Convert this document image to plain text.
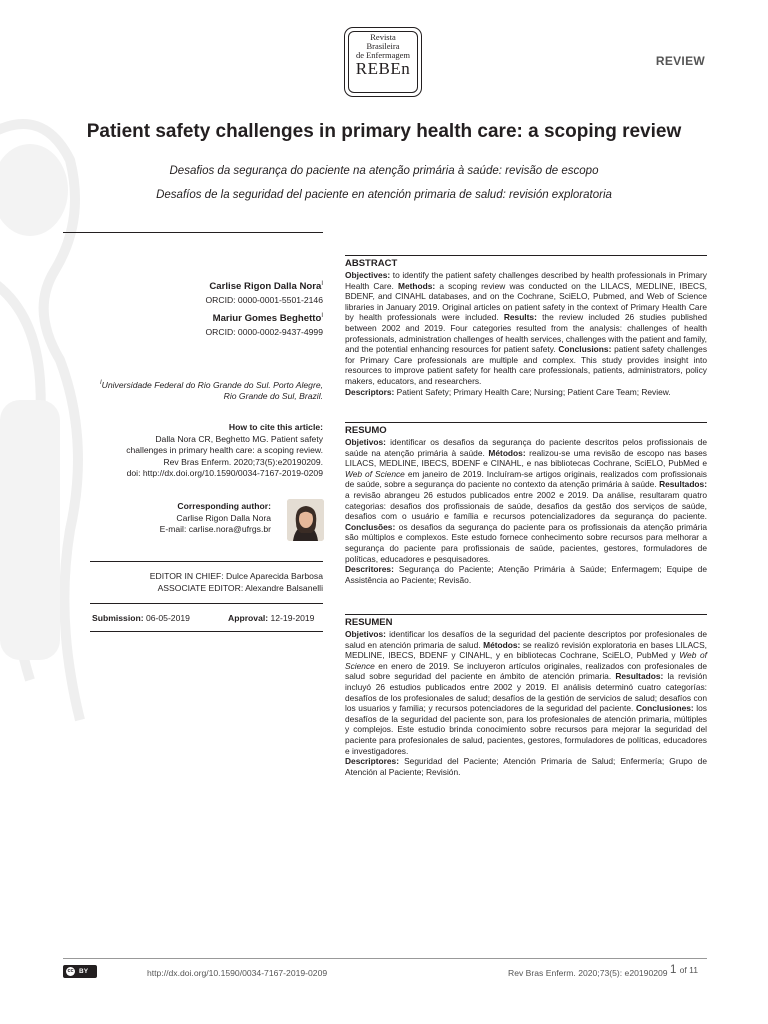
Revista
Brasileira
de Enfermagem
REBEn	REVIEW
Patient safety challenges in primary health care: a scoping review
Desafios da segurança do paciente na atenção primária à saúde: revisão de escopo
Desafíos de la seguridad del paciente en atención primaria de salud: revisión exploratoria
Carlise Rigon Dalla Nora$^I$
ORCID: 0000-0001-5501-2146
Mariur Gomes Beghetto$^I$
ORCID: 0000-0002-9437-4999
$^I$Universidade Federal do Rio Grande do Sul. Porto Alegre,
Rio Grande do Sul, Brazil.
How to cite this article:
Dalla Nora CR, Beghetto MG. Patient safety
challenges in primary health care: a scoping review.
Rev Bras Enferm. 2020;73(5):e20190209.
doi: http://dx.doi.org/10.1590/0034-7167-2019-0209
Corresponding author:
Carlise Rigon Dalla Nora
E-mail: carlise.nora@ufrgs.br
EDITOR IN CHIEF: Dulce Aparecida Barbosa
ASSOCIATE EDITOR: Alexandre Balsanelli
Submission: 06-05-2019	Approval: 12-19-2019
ABSTRACT
Objectives: to identify the patient safety challenges described by health professionals in Primary Health Care. Methods: a scoping review was conducted on the LILACS, MEDLINE, IBECS, BDENF, and CINAHL databases, and on the Cochrane, SciELO, Pubmed, and Web of Science libraries in January 2019. Original articles on patient safety in the context of Primary Health Care by health professionals were included. Results: the review included 26 studies published between 2002 and 2019. Four categories resulted from the analysis: challenges of health professionals, administration challenges of health services, challenges with the patient and family, and the potential enhancing resources for patient safety. Conclusions: patient safety challenges for Primary Care professionals are multiple and complex. This study provides insight into resources to improve patient safety for health care professionals, patients, administrators, policy makers, educators, and researchers.
Descriptors: Patient Safety; Primary Health Care; Nursing; Patient Care Team; Review.
RESUMO
Objetivos: identificar os desafios da segurança do paciente descritos pelos profissionais de saúde na atenção primária à saúde. Métodos: realizou-se uma revisão de escopo nas bases LILACS, MEDLINE, IBECS, BDENF e CINAHL, e nas bibliotecas Cochrane, SciELO, PubMed e Web of Science em janeiro de 2019. Incluíram-se artigos originais, realizados com profissionais de saúde, sobre a segurança do paciente no contexto da atenção primária à saúde. Resultados: a revisão abrangeu 26 estudos publicados entre 2002 e 2019. Da análise, resultaram quatro categorias: desafios dos profissionais de saúde, desafios da gestão dos serviços de saúde, desafios com o usuário e família e recursos potencializadores da segurança do paciente. Conclusões: os desafios da segurança do paciente para os profissionais da atenção primária são múltiplos e complexos. Este estudo fornece conhecimento sobre recursos para melhorar a segurança do paciente para profissionais de saúde, pacientes, gestores, formuladores de políticas, educadores e pesquisadores.
Descritores: Segurança do Paciente; Atenção Primária à Saúde; Enfermagem; Equipe de Assistência ao Paciente; Revisão.
RESUMEN
Objetivos: identificar los desafíos de la seguridad del paciente descriptos por profesionales de salud en atención primaria de salud. Métodos: se realizó revisión exploratoria en bases LILACS, MEDLINE, IBECS, BDENF y CINAHL, y en bibliotecas Cochrane, SciELO, PubMed y Web of Science en enero de 2019. Se incluyeron artículos originales, realizados con profesionales de salud sobre seguridad del paciente en ámbito de atención primaria. Resultados: la revisión incluyó 26 estudios publicados entre 2002 y 2019. El análisis determinó cuatro categorías: desafíos de los profesionales de salud; desafíos de la gestión de servicios de salud; desafíos con los usuarios y familia; y recursos potenciadores de la seguridad del paciente. Conclusiones: los desafíos de la seguridad del paciente son, para los profesionales de atención primaria, múltiples y complejos. Este estudio brinda conocimiento sobre recursos para mejorar la seguridad del paciente para profesionales de salud, pacientes, gestores, formuladores de políticas, educadores e investigadores.
Descriptores: Seguridad del Paciente; Atención Primaria de Salud; Enfermería; Grupo de Atención al Paciente; Revisión.
cc BY	http://dx.doi.org/10.1590/0034-7167-2019-0209	Rev Bras Enferm. 2020;73(5): e20190209 1 of 11
